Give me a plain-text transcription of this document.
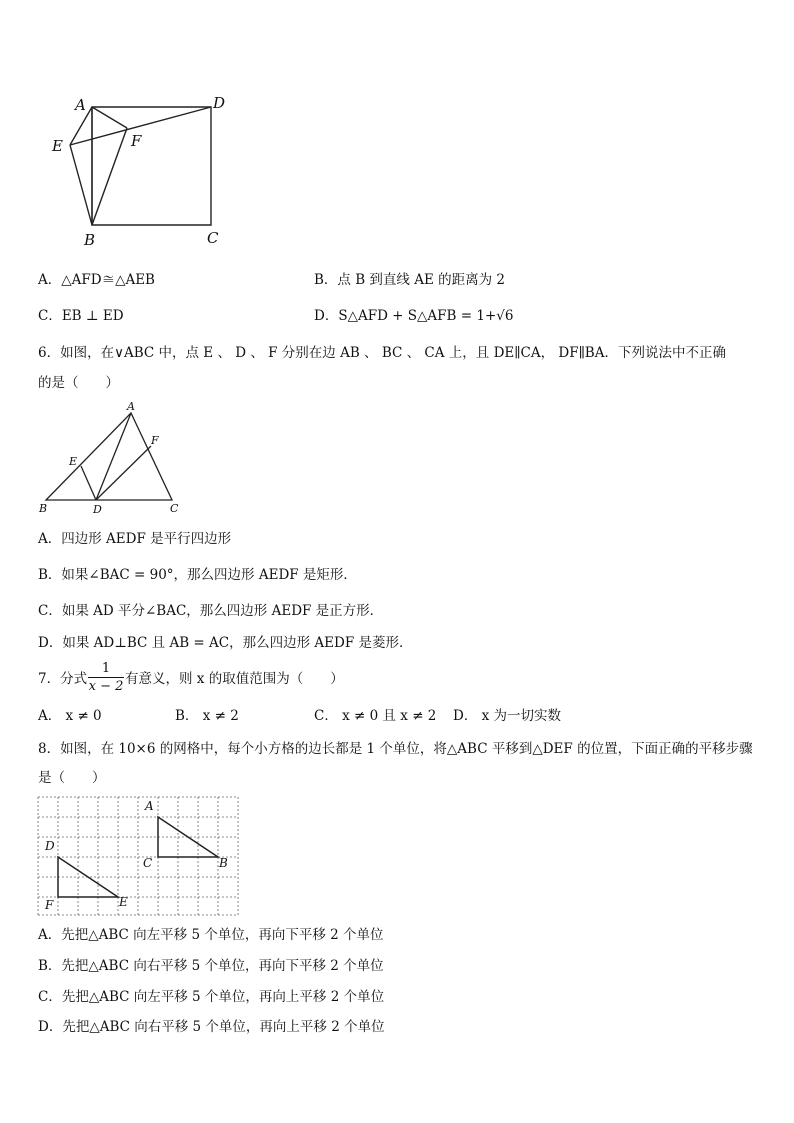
A	D
E	F
B	C
A．△AFD≅△AEB	B．点 B 到直线 AE 的距离为 2
C．EB ⊥ ED	D．S△AFD + S△AFB = 1+√6
6．如图，在∨ABC 中，点 E 、 D 、 F 分别在边 AB 、 BC 、 CA 上，且 DE∥CA， DF∥BA．下列说法中不正确
的是（　　）
A
F
E
B	D	C
A．四边形 AEDF 是平行四边形
B．如果∠BAC = 90°，那么四边形 AEDF 是矩形．
C．如果 AD 平分∠BAC，那么四边形 AEDF 是正方形．
D．如果 AD⊥BC 且 AB = AC，那么四边形 AEDF 是菱形．
7．分式
1
x − 2 有意义，则 x 的取值范围为（　　）
A． x ≠ 0	B． x ≠ 2	C． x ≠ 0 且 x ≠ 2 D． x 为一切实数
8．如图，在 10×6 的网格中，每个小方格的边长都是 1 个单位，将△ABC 平移到△DEF 的位置，下面正确的平移步骤
是（　　）
A
C	B
D
F	E
A．先把△ABC 向左平移 5 个单位，再向下平移 2 个单位
B．先把△ABC 向右平移 5 个单位，再向下平移 2 个单位
C．先把△ABC 向左平移 5 个单位，再向上平移 2 个单位
D．先把△ABC 向右平移 5 个单位，再向上平移 2 个单位
